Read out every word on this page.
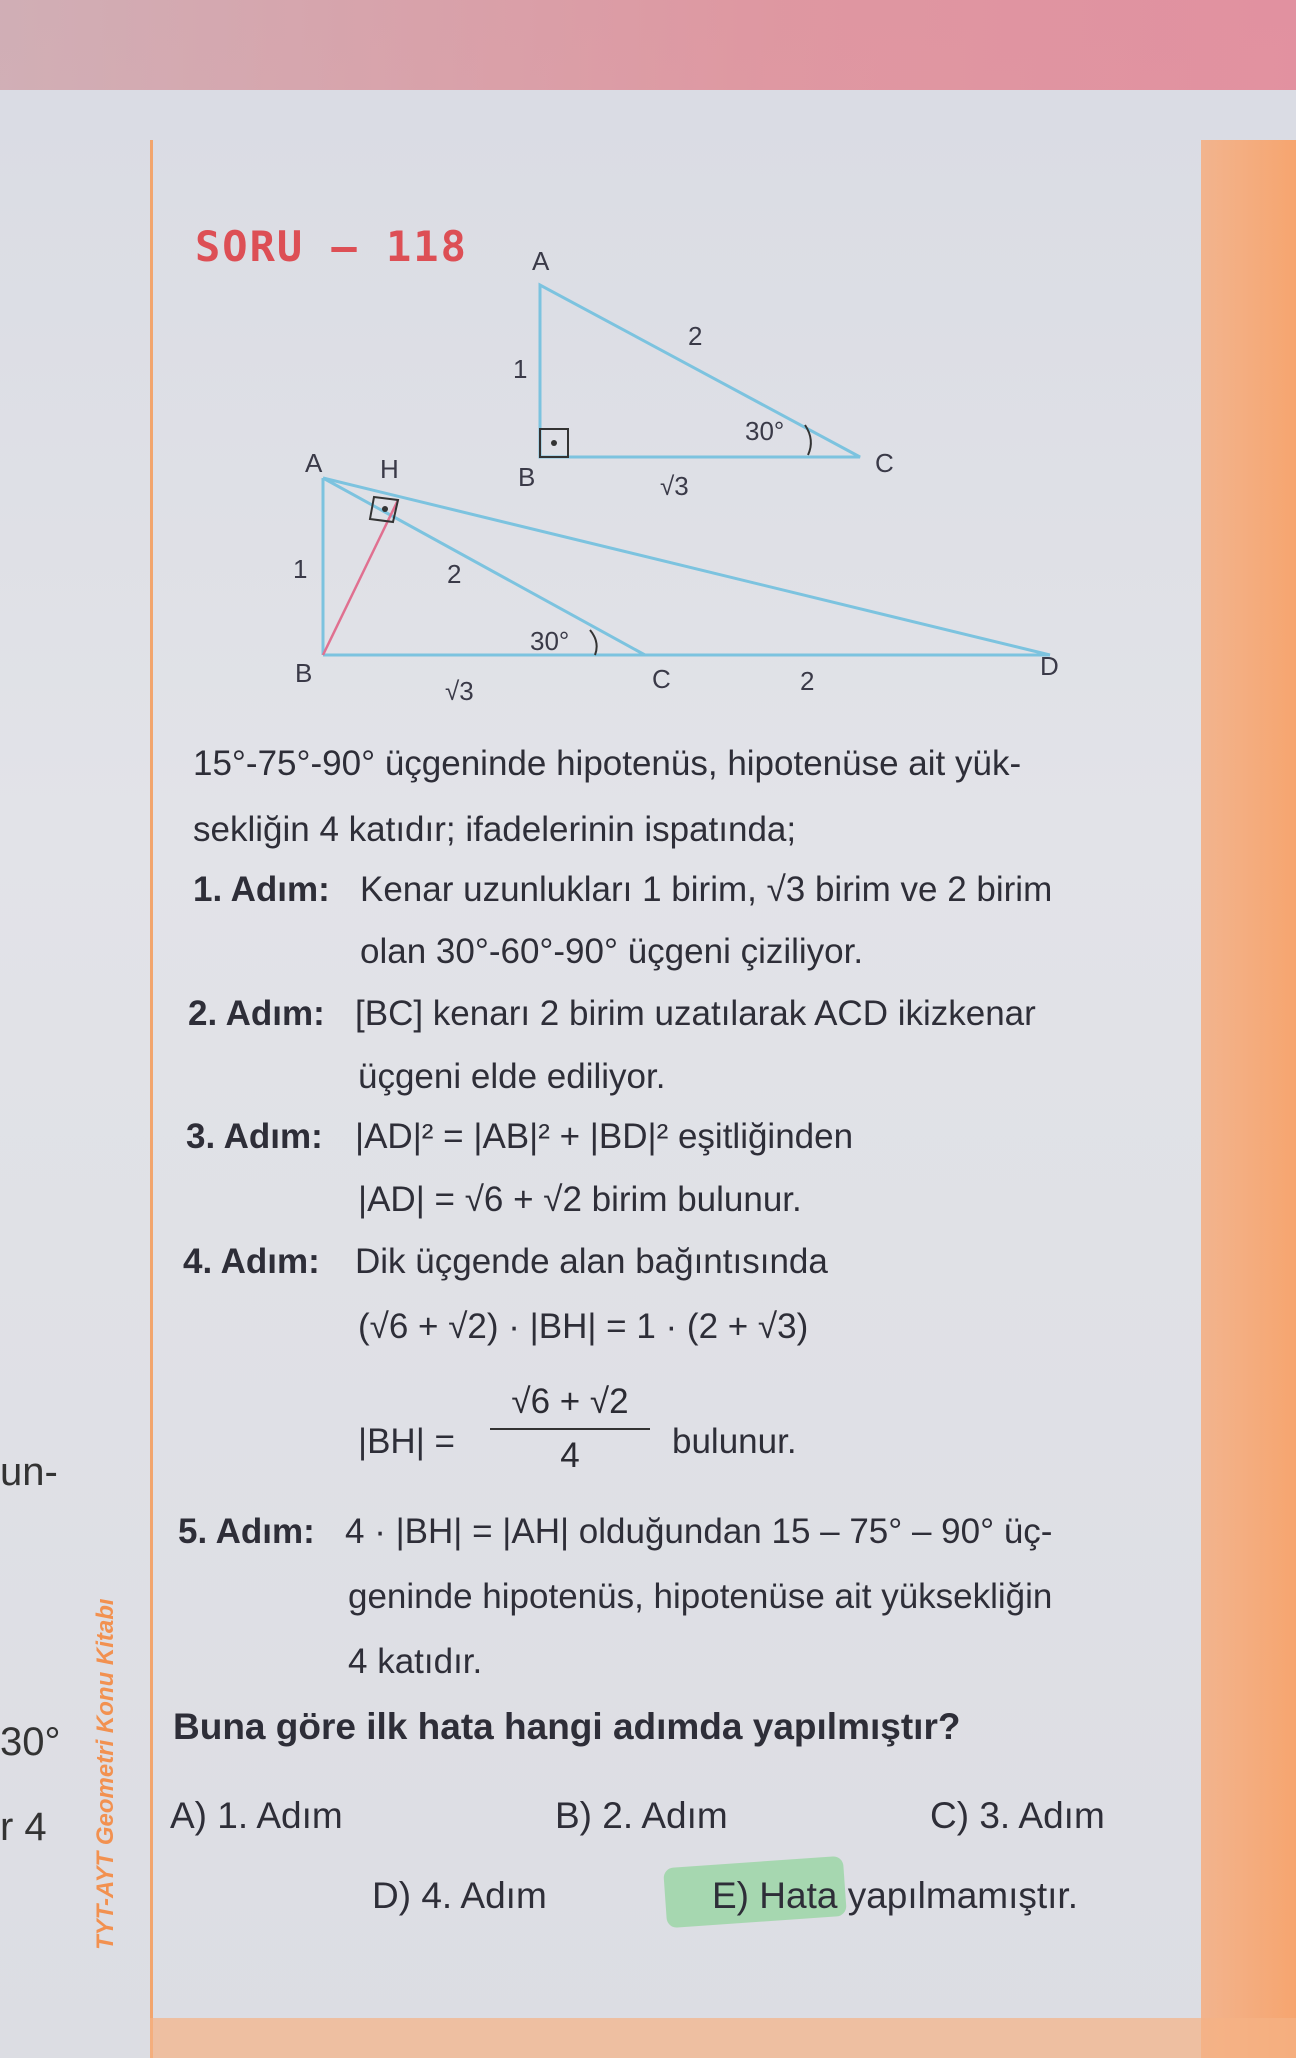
TYT-AYT Geometri Konu Kitabı
un-
30°
r 4
SORU – 118 A
B	C
1
2
√3
30°
A H
B	C	D
1	2
√3	2
30°
15°-75°-90° üçgeninde hipotenüs, hipotenüse ait yük-
sekliğin 4 katıdır; ifadelerinin ispatında;
1. Adım: Kenar uzunlukları 1 birim, √3 birim ve 2 birim
olan 30°-60°-90° üçgeni çiziliyor.
2. Adım: [BC] kenarı 2 birim uzatılarak ACD ikizkenar
üçgeni elde ediliyor.
3. Adım: |AD|² = |AB|² + |BD|² eşitliğinden
|AD| = √6 + √2 birim bulunur.
4. Adım: Dik üçgende alan bağıntısında
(√6 + √2) · |BH| = 1 · (2 + √3)
|BH| =
√6 + √2
4	bulunur.
5. Adım: 4 · |BH| = |AH| olduğundan 15 – 75° – 90° üç-
geninde hipotenüs, hipotenüse ait yüksekliğin
4 katıdır.
Buna göre ilk hata hangi adımda yapılmıştır?
A) 1. Adım	B) 2. Adım	C) 3. Adım
D) 4. Adım	E) Hata yapılmamıştır.
